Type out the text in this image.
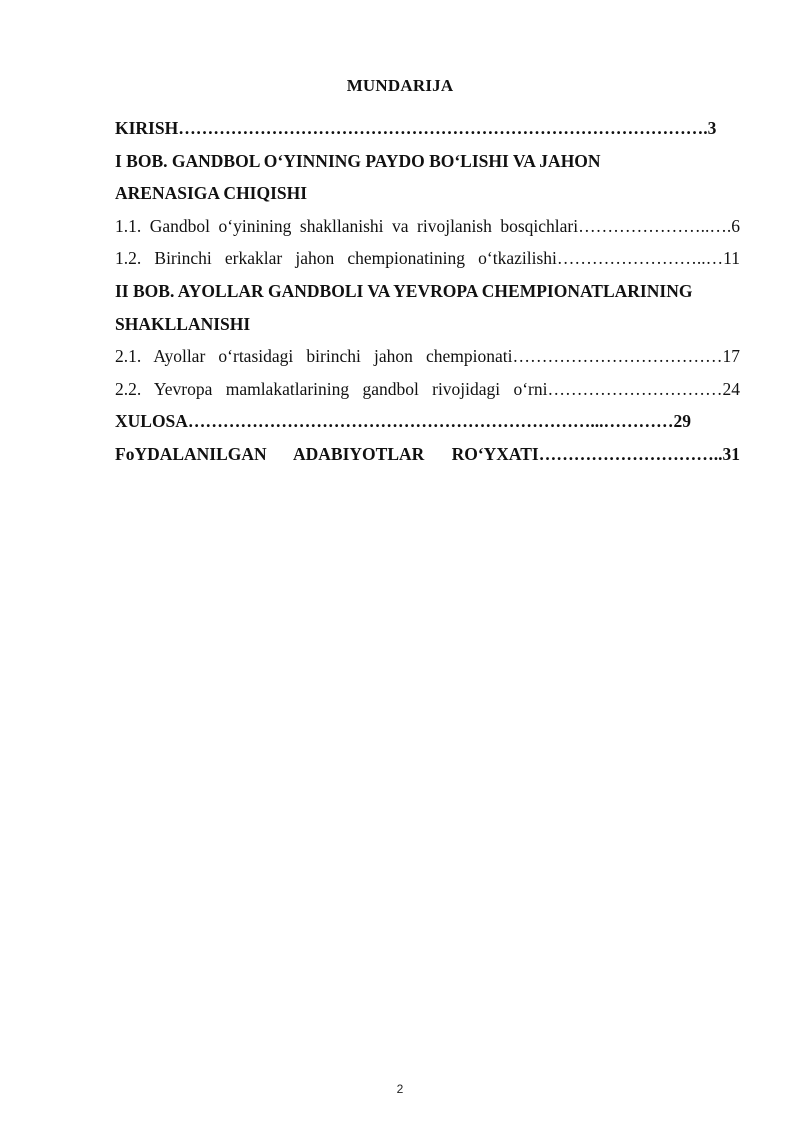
MUNDARIJA
KIRISH……………………………………………………………………………….3
I BOB. GANDBOL O‘YINNING PAYDO BO‘LISHI VA JAHON
ARENASIGA CHIQISHI
1.1. Gandbol o‘yinining shakllanishi va rivojlanish bosqichlari…………………..….6
1.2. Birinchi erkaklar jahon chempionatining o‘tkazilishi……………………..…11
II BOB. AYOLLAR GANDBOLI VA YEVROPA CHEMPIONATLARINING
SHAKLLANISHI
2.1. Ayollar o‘rtasidagi birinchi jahon chempionati………………………………17
2.2. Yevropa mamlakatlarining gandbol rivojidagi o‘rni…………………………24
XULOSA……………………………………………………………...…………29
FoYDALANILGAN ADABIYOTLAR RO‘YXATI…………………………..31
2
